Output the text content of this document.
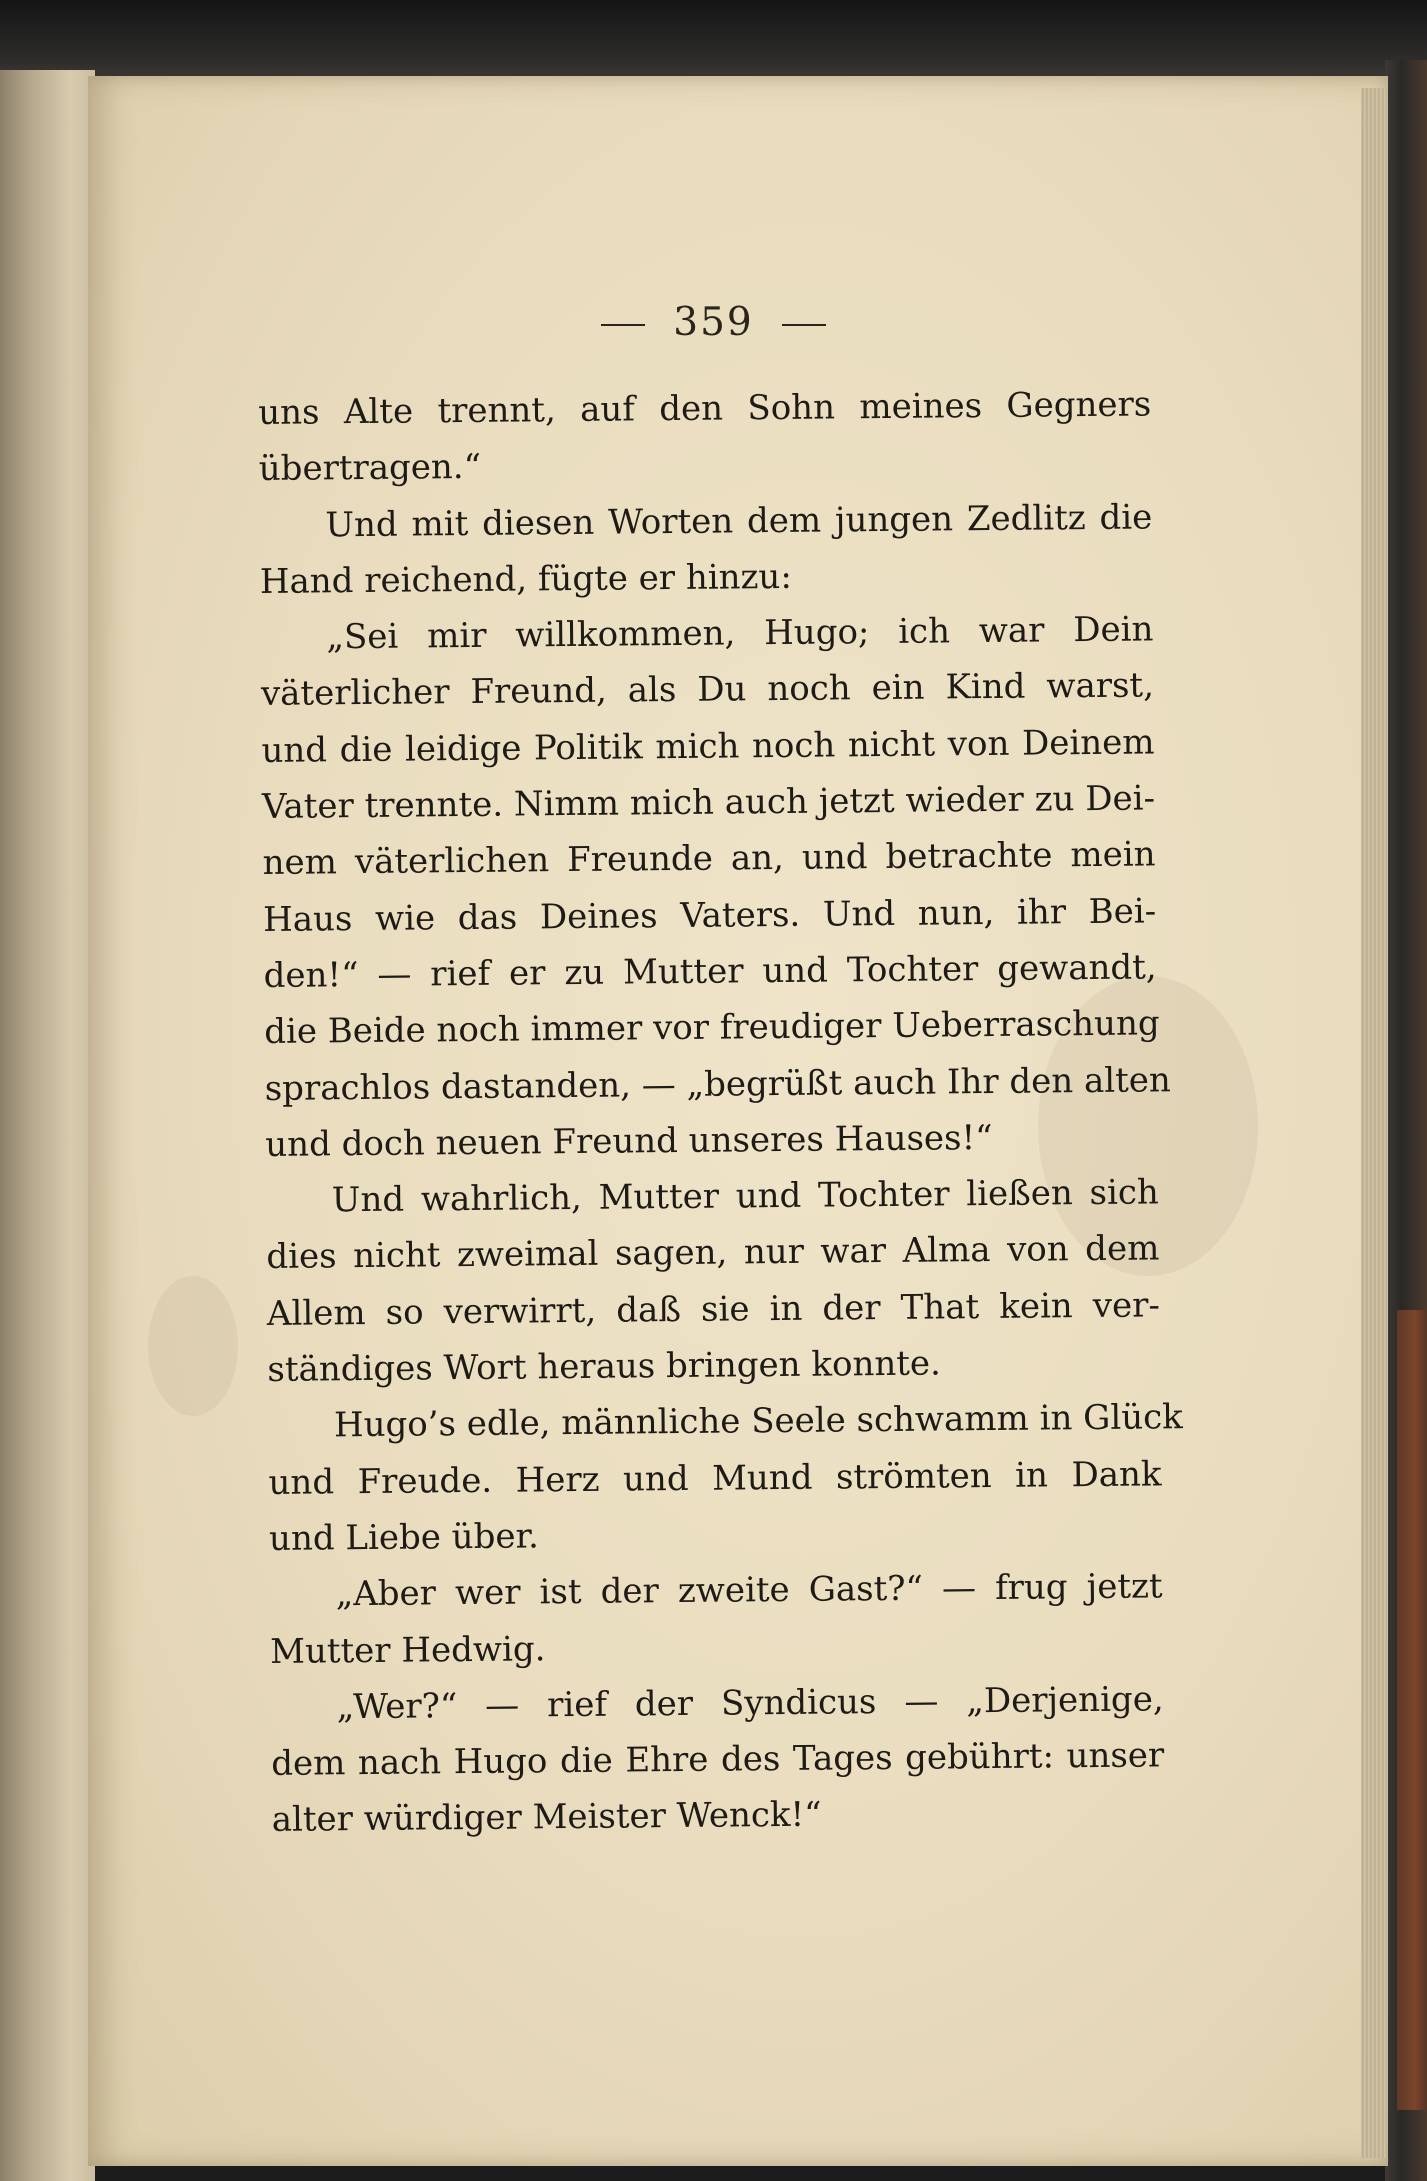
359
uns Alte trennt, auf den Sohn meines Gegners
übertragen.“
Und mit diesen Worten dem jungen Zedlitz die
Hand reichend, fügte er hinzu:
„Sei mir willkommen, Hugo; ich war Dein
väterlicher Freund, als Du noch ein Kind warst,
und die leidige Politik mich noch nicht von Deinem
Vater trennte. Nimm mich auch jetzt wieder zu Dei-
nem väterlichen Freunde an, und betrachte mein
Haus wie das Deines Vaters. Und nun, ihr Bei-
den!“ — rief er zu Mutter und Tochter gewandt,
die Beide noch immer vor freudiger Ueberraschung
sprachlos dastanden, — „begrüßt auch Ihr den alten
und doch neuen Freund unseres Hauses!“
Und wahrlich, Mutter und Tochter ließen sich
dies nicht zweimal sagen, nur war Alma von dem
Allem so verwirrt, daß sie in der That kein ver-
ständiges Wort heraus bringen konnte.
Hugo’s edle, männliche Seele schwamm in Glück
und Freude. Herz und Mund strömten in Dank
und Liebe über.
„Aber wer ist der zweite Gast?“ — frug jetzt
Mutter Hedwig.
„Wer?“ — rief der Syndicus — „Derjenige,
dem nach Hugo die Ehre des Tages gebührt: unser
alter würdiger Meister Wenck!“
